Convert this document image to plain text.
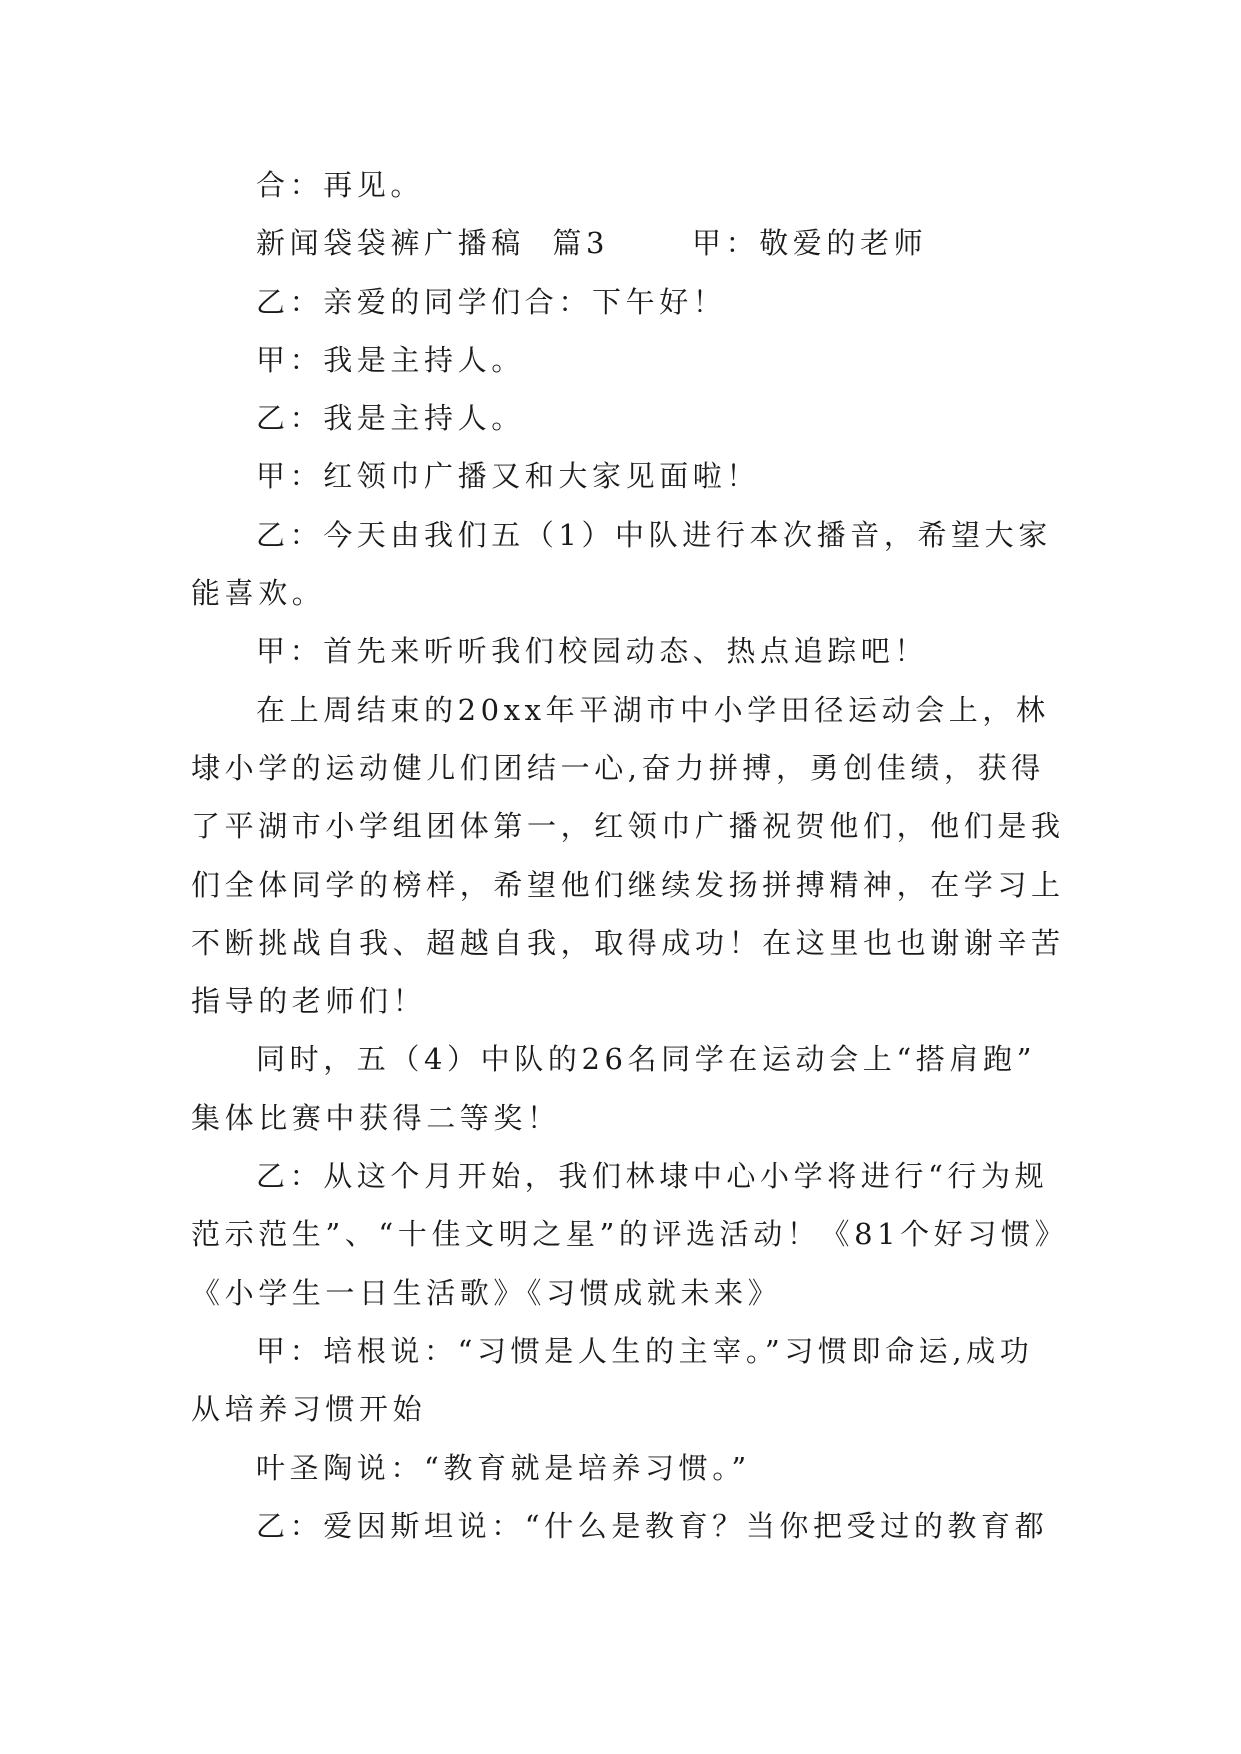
合：再见。
新闻袋袋裤广播稿  篇3      甲：敬爱的老师
乙：亲爱的同学们合：下午好！
甲：我是主持人。
乙：我是主持人。
甲：红领巾广播又和大家见面啦！
乙：今天由我们五（1）中队进行本次播音，希望大家
能喜欢。
甲：首先来听听我们校园动态、热点追踪吧！
在上周结束的20xx年平湖市中小学田径运动会上，林
埭小学的运动健儿们团结一心,奋力拼搏，勇创佳绩，获得
了平湖市小学组团体第一，红领巾广播祝贺他们，他们是我
们全体同学的榜样，希望他们继续发扬拼搏精神，在学习上
不断挑战自我、超越自我，取得成功！在这里也也谢谢辛苦
指导的老师们！
同时，五（4）中队的26名同学在运动会上“搭肩跑”
集体比赛中获得二等奖！
乙：从这个月开始，我们林埭中心小学将进行“行为规
范示范生”、“十佳文明之星”的评选活动！《81个好习惯》
《小学生一日生活歌》《习惯成就未来》
甲：培根说：“习惯是人生的主宰。”习惯即命运,成功
从培养习惯开始
叶圣陶说：“教育就是培养习惯。”
乙：爱因斯坦说：“什么是教育？当你把受过的教育都
